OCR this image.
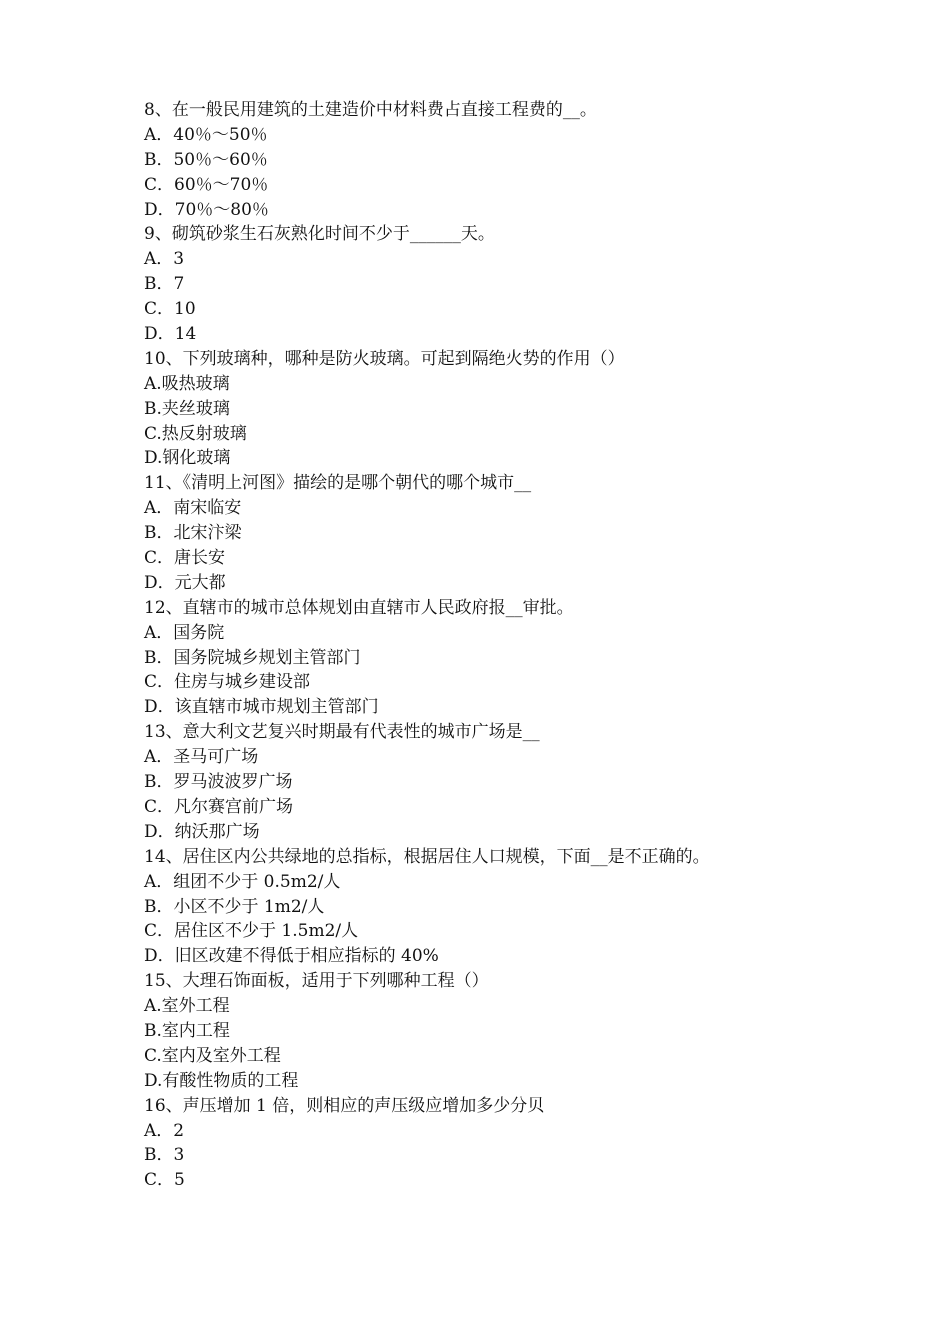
8、在一般民用建筑的土建造价中材料费占直接工程费的__。
A．40％～50％
B．50％～60％
C．60％～70％
D．70％～80％
9、砌筑砂浆生石灰熟化时间不少于______天。
A．3
B．7
C．10
D．14
10、下列玻璃种，哪种是防火玻璃。可起到隔绝火势的作用（）
A.吸热玻璃
B.夹丝玻璃
C.热反射玻璃
D.钢化玻璃
11、《清明上河图》描绘的是哪个朝代的哪个城市__
A．南宋临安
B．北宋汴梁
C．唐长安
D．元大都
12、直辖市的城市总体规划由直辖市人民政府报__审批。
A．国务院
B．国务院城乡规划主管部门
C．住房与城乡建设部
D．该直辖市城市规划主管部门
13、意大利文艺复兴时期最有代表性的城市广场是__
A．圣马可广场
B．罗马波波罗广场
C．凡尔赛宫前广场
D．纳沃那广场
14、居住区内公共绿地的总指标，根据居住人口规模，下面__是不正确的。
A．组团不少于 0.5m2/人
B．小区不少于 1m2/人
C．居住区不少于 1.5m2/人
D．旧区改建不得低于相应指标的 40%
15、大理石饰面板，适用于下列哪种工程（）
A.室外工程
B.室内工程
C.室内及室外工程
D.有酸性物质的工程
16、声压增加 1 倍，则相应的声压级应增加多少分贝
A．2
B．3
C．5
